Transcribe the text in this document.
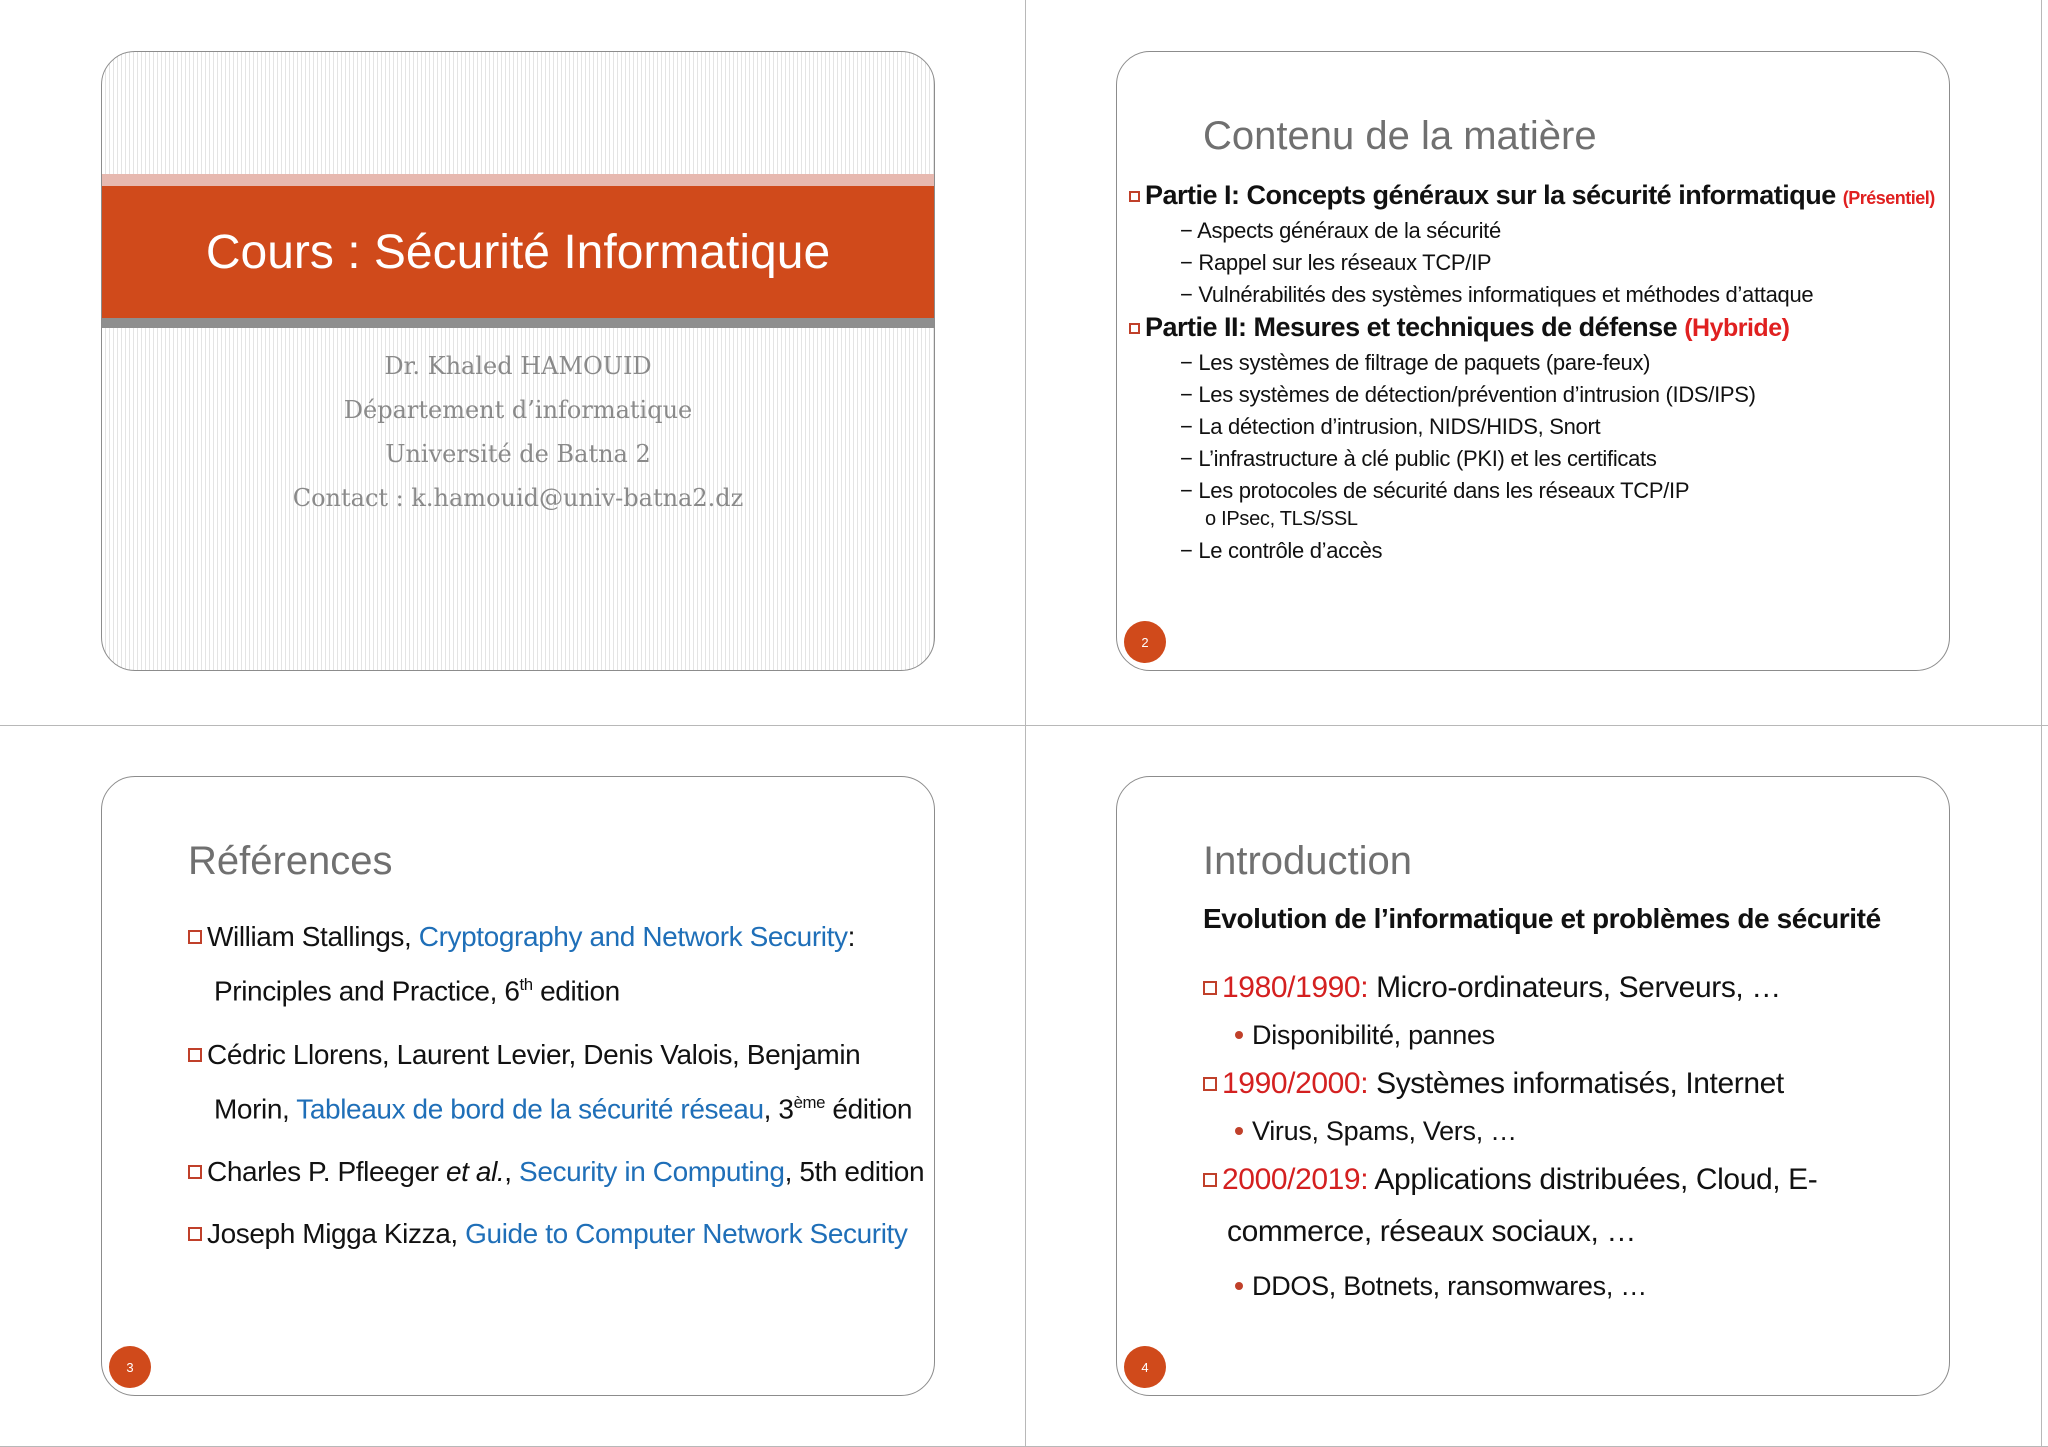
Cours : Sécurité Informatique
Dr. Khaled HAMOUID
Département d’informatique
Université de Batna 2
Contact : k.hamouid@univ-batna2.dz
Contenu de la matière
Partie I: Concepts généraux sur la sécurité informatique (Présentiel)
− Aspects généraux de la sécurité
− Rappel sur les réseaux TCP/IP
− Vulnérabilités des systèmes informatiques et méthodes d’attaque
Partie II: Mesures et techniques de défense (Hybride)
− Les systèmes de filtrage de paquets (pare-feux)
− Les systèmes de détection/prévention d’intrusion (IDS/IPS)
− La détection d’intrusion, NIDS/HIDS, Snort
− L’infrastructure à clé public (PKI) et les certificats
− Les protocoles de sécurité dans les réseaux TCP/IP
o IPsec, TLS/SSL
− Le contrôle d’accès
2
Références
William Stallings, Cryptography and Network Security:
Principles and Practice, 6th edition
Cédric Llorens, Laurent Levier, Denis Valois, Benjamin
Morin, Tableaux de bord de la sécurité réseau, 3ème édition
Charles P. Pfleeger et al., Security in Computing, 5th edition
Joseph Migga Kizza, Guide to Computer Network Security
3
Introduction
Evolution de l’informatique et problèmes de sécurité
1980/1990: Micro-ordinateurs, Serveurs, …
Disponibilité, pannes
1990/2000: Systèmes informatisés, Internet
Virus, Spams, Vers, …
2000/2019: Applications distribuées, Cloud, E-
commerce, réseaux sociaux, …
DDOS, Botnets, ransomwares, …
4
